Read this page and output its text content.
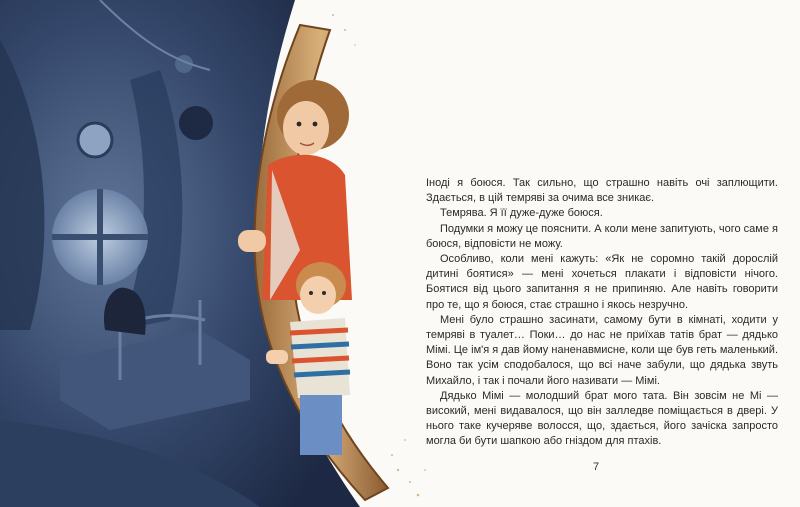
Іноді я боюся. Так сильно, що страшно навіть очі заплющити. Здається, в цій темряві за очима все зникає.

Темрява. Я її дуже-дуже боюся.

Подумки я можу це пояснити. А коли мене запитують, чого саме я боюся, відповісти не можу.

Особливо, коли мені кажуть: «Як не соромно такій дорослій дитині боятися» — мені хочеться плакати і відповісти нічого. Боятися від цього запитання я не припиняю. Але навіть говорити про те, що я боюся, стає страшно і якось незручно.

Мені було страшно засинати, самому бути в кімнаті, ходити у темряві в туалет… Поки… до нас не приїхав татів брат — дядько Мімі. Це ім'я я дав йому наненавмисне, коли ще був геть маленький. Воно так усім сподобалося, що всі наче забули, що дядька звуть Михайло, і так і почали його називати — Мімі.

Дядько Мімі — молодший брат мого тата. Він зовсім не Мі — високий, мені видавалося, що він залледве поміщається в двері. У нього таке кучеряве волосся, що, здається, його зачіска запросто могла би бути шапкою або гніздом для птахів.

7
